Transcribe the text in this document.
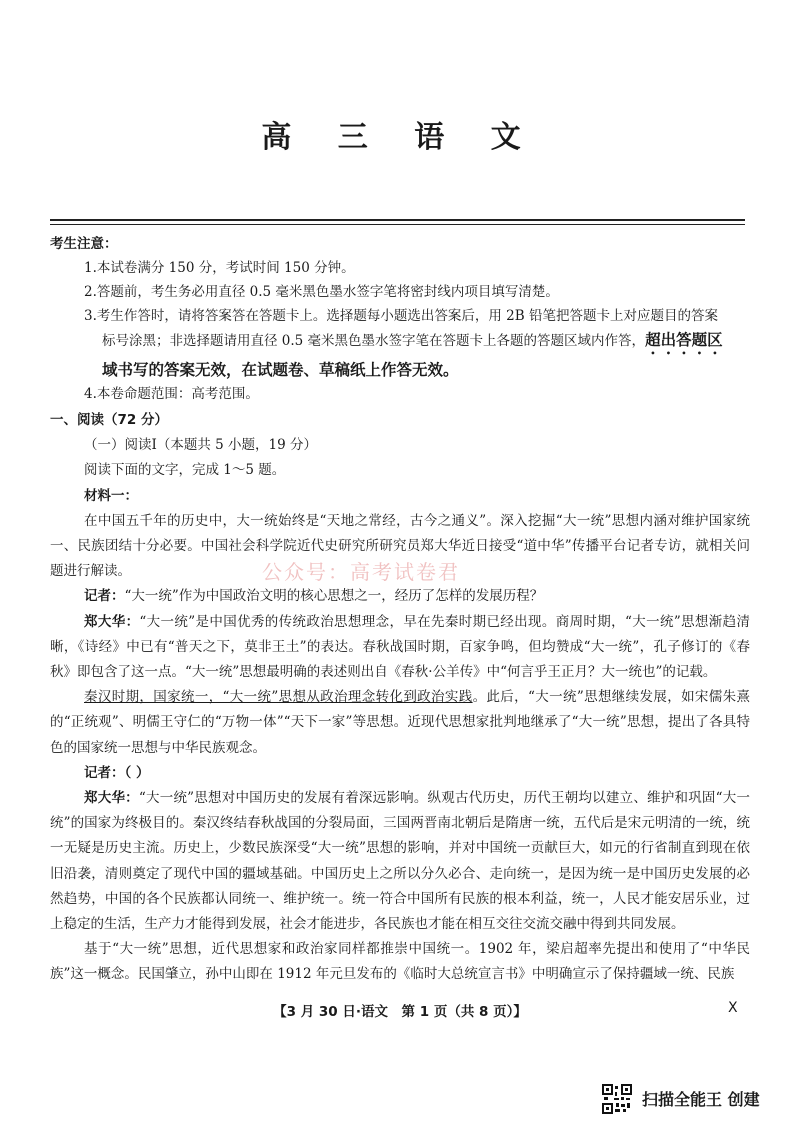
高 三 语 文
考生注意：
1.本试卷满分 150 分，考试时间 150 分钟。
2.答题前，考生务必用直径 0.5 毫米黑色墨水签字笔将密封线内项目填写清楚。
3.考生作答时，请将答案答在答题卡上。选择题每小题选出答案后，用 2B 铅笔把答题卡上对应题目的答案
标号涂黑；非选择题请用直径 0.5 毫米黑色墨水签字笔在答题卡上各题的答题区域内作答，超出答题区
域书写的答案无效，在试题卷、草稿纸上作答无效。
4.本卷命题范围：高考范围。
一、阅读（72 分）
（一）阅读Ⅰ（本题共 5 小题，19 分）
阅读下面的文字，完成 1～5 题。
材料一：
在中国五千年的历史中，大一统始终是“天地之常经，古今之通义”。深入挖掘“大一统”思想内涵对维护国家统一、民族团结十分必要。中国社会科学院近代史研究所研究员郑大华近日接受“道中华”传播平台记者专访，就相关问题进行解读。
记者：“大一统”作为中国政治文明的核心思想之一，经历了怎样的发展历程？
郑大华：“大一统”是中国优秀的传统政治思想理念，早在先秦时期已经出现。商周时期，“大一统”思想渐趋清晰，《诗经》中已有“普天之下，莫非王土”的表达。春秋战国时期，百家争鸣，但均赞成“大一统”，孔子修订的《春秋》即包含了这一点。“大一统”思想最明确的表述则出自《春秋·公羊传》中“何言乎王正月？大一统也”的记载。
秦汉时期，国家统一，“大一统”思想从政治理念转化到政治实践。此后，“大一统”思想继续发展，如宋儒朱熹的“正统观”、明儒王守仁的“万物一体”“天下一家”等思想。近现代思想家批判地继承了“大一统”思想，提出了各具特色的国家统一思想与中华民族观念。
记者：（ ）
郑大华：“大一统”思想对中国历史的发展有着深远影响。纵观古代历史，历代王朝均以建立、维护和巩固“大一统”的国家为终极目的。秦汉终结春秋战国的分裂局面，三国两晋南北朝后是隋唐一统，五代后是宋元明清的一统，统一无疑是历史主流。历史上，少数民族深受“大一统”思想的影响，并对中国统一贡献巨大，如元的行省制直到现在依旧沿袭，清则奠定了现代中国的疆域基础。中国历史上之所以分久必合、走向统一，是因为统一是中国历史发展的必然趋势，中国的各个民族都认同统一、维护统一。统一符合中国所有民族的根本利益，统一，人民才能安居乐业，过上稳定的生活，生产力才能得到发展，社会才能进步，各民族也才能在相互交往交流交融中得到共同发展。
基于“大一统”思想，近代思想家和政治家同样都推崇中国统一。1902 年，梁启超率先提出和使用了“中华民族”这一概念。民国肇立，孙中山即在 1912 年元旦发布的《临时大总统宣言书》中明确宣示了保持疆域一统、民族
公众号：高考试卷君
【3 月 30 日·语文　第 1 页（共 8 页）】	X
扫描全能王 创建
